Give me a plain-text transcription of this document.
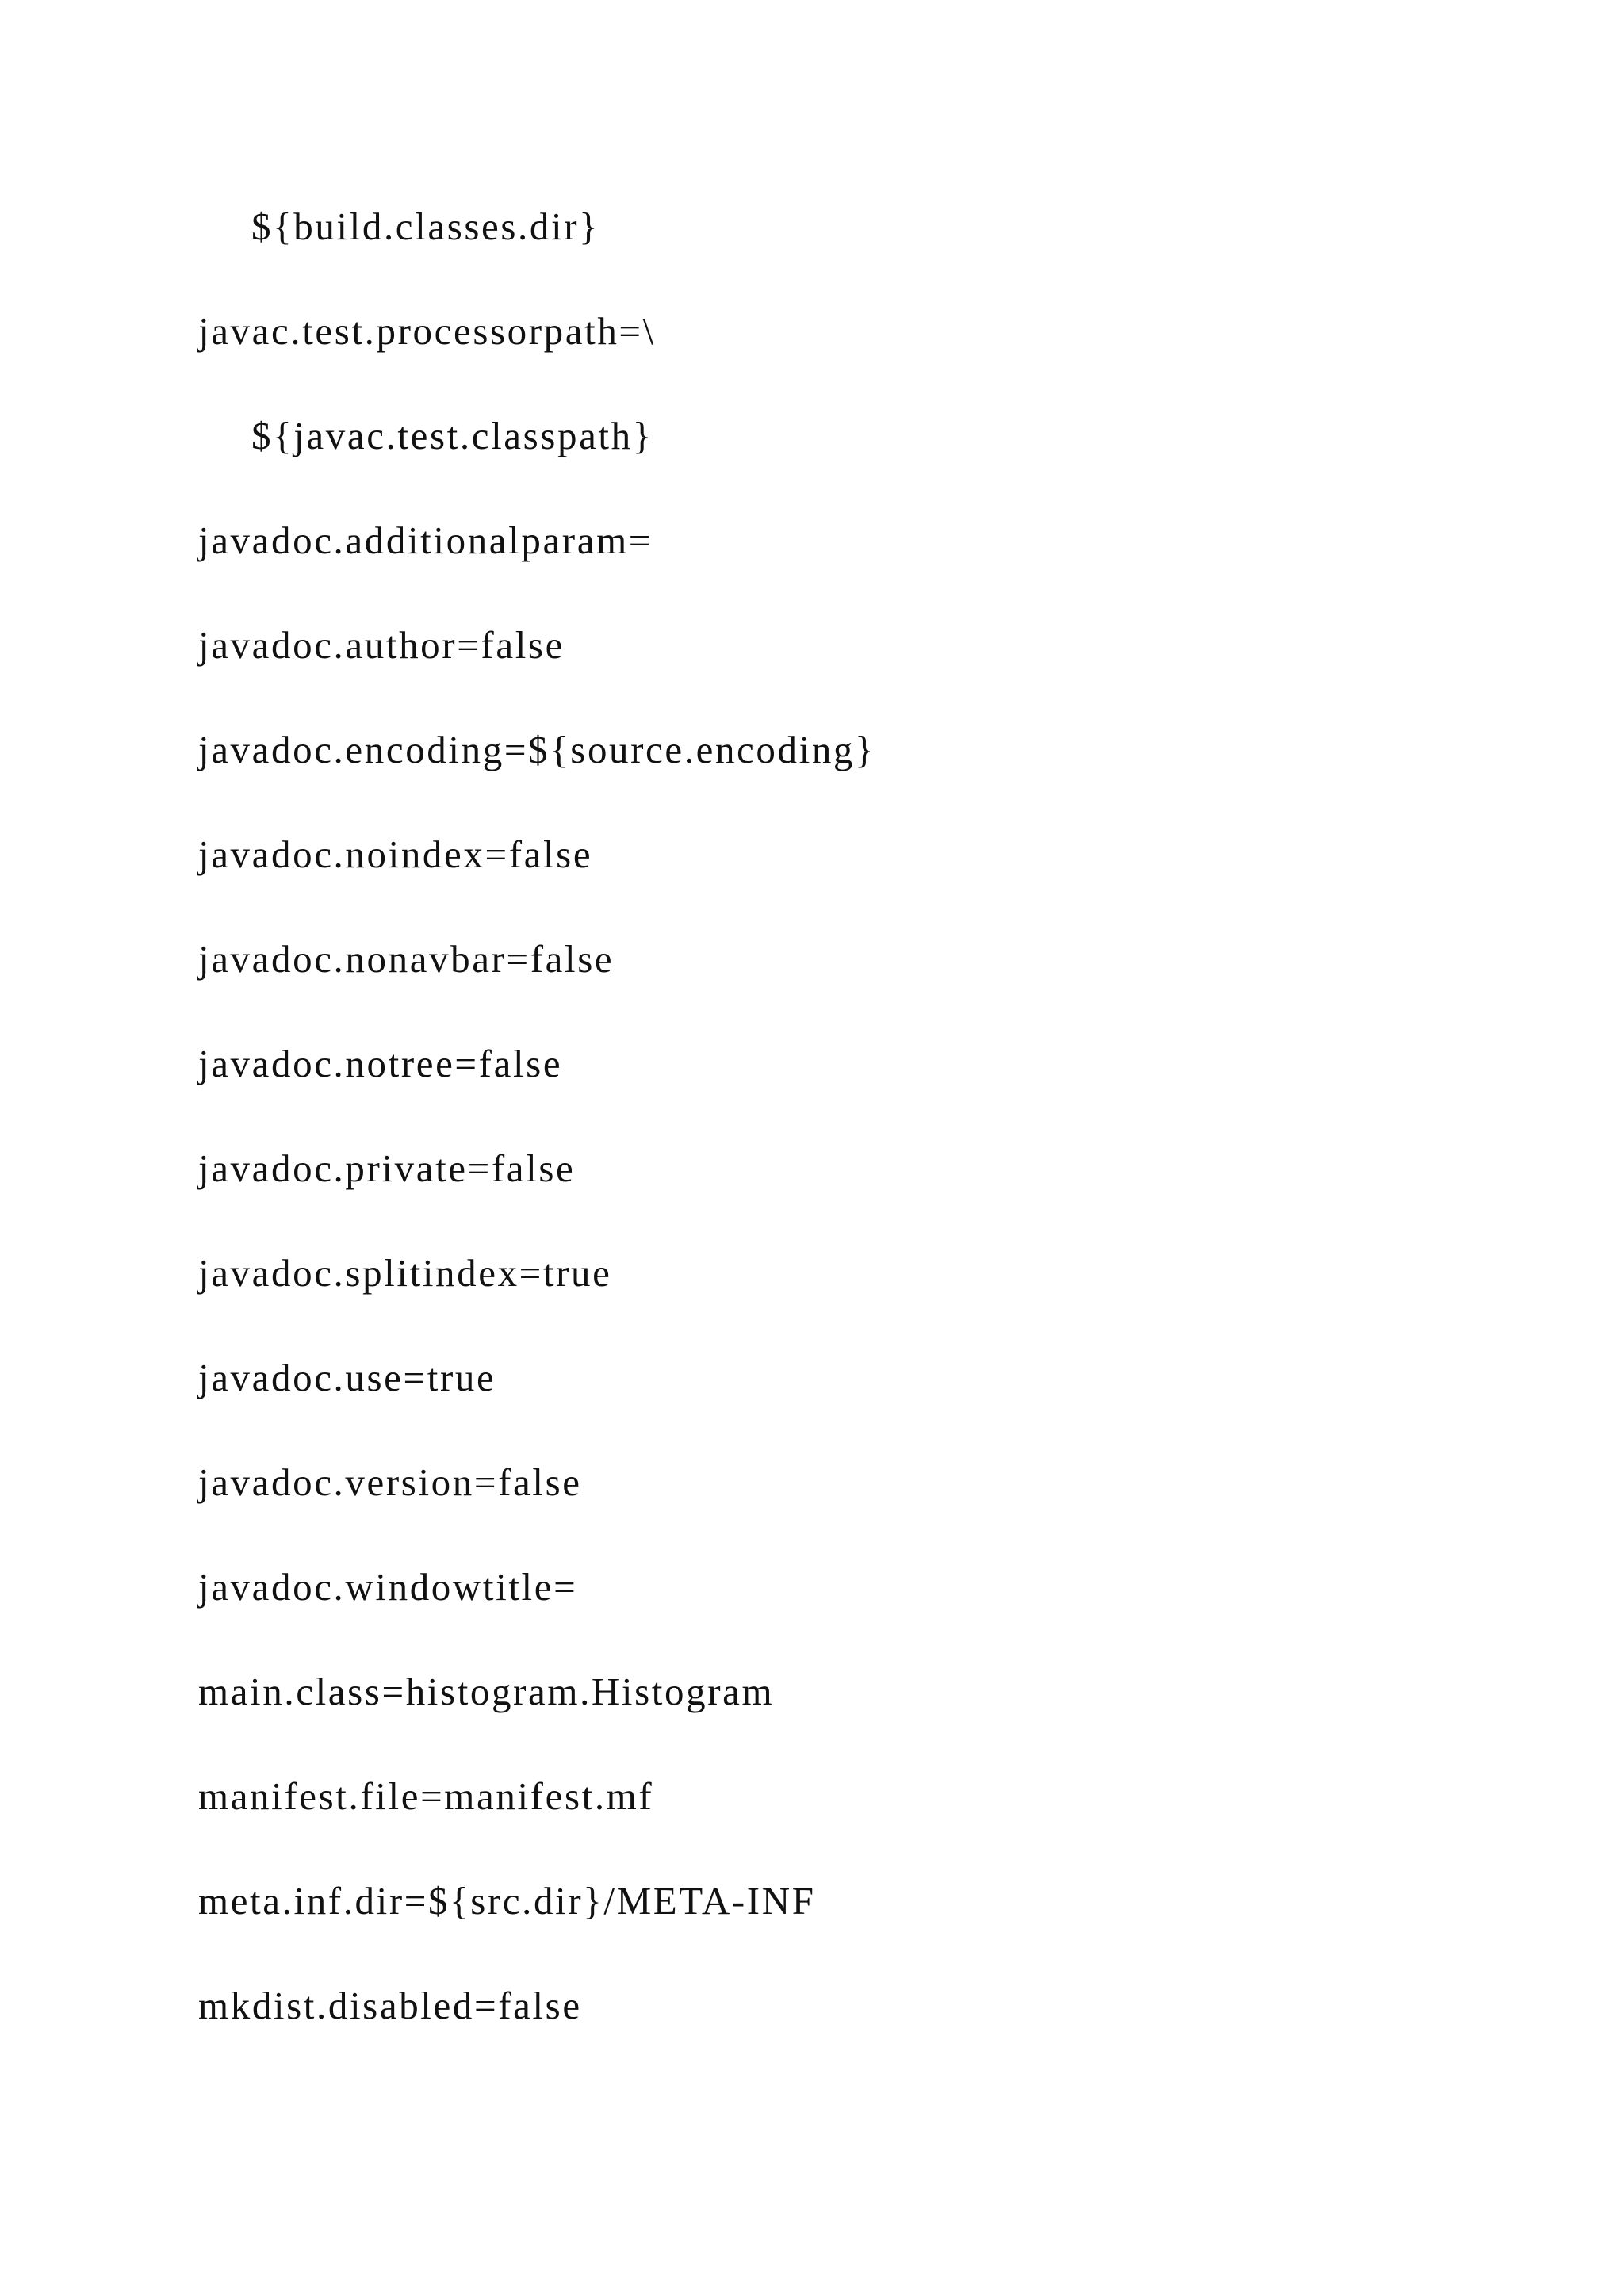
${build.classes.dir}
javac.test.processorpath=\
${javac.test.classpath}
javadoc.additionalparam=
javadoc.author=false
javadoc.encoding=${source.encoding}
javadoc.noindex=false
javadoc.nonavbar=false
javadoc.notree=false
javadoc.private=false
javadoc.splitindex=true
javadoc.use=true
javadoc.version=false
javadoc.windowtitle=
main.class=histogram.Histogram
manifest.file=manifest.mf
meta.inf.dir=${src.dir}/META-INF
mkdist.disabled=false
